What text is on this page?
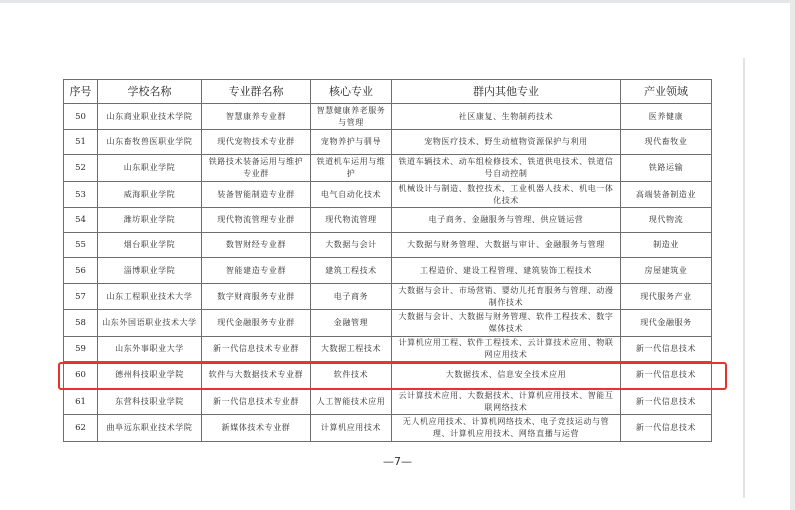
序号	学校名称	专业群名称	核心专业	群内其他专业	产业领域
50	山东商业职业技术学院	智慧康养专业群	智慧健康养老服务与管理	社区康复、生物制药技术	医养健康
51	山东畜牧兽医职业学院	现代宠物技术专业群	宠物养护与驯导	宠物医疗技术、野生动植物资源保护与利用	现代畜牧业
52	山东职业学院	铁路技术装备运用与维护专业群	铁道机车运用与维护	铁道车辆技术、动车组检修技术、铁道供电技术、铁道信号自动控制	铁路运输
53	威海职业学院	装备智能制造专业群	电气自动化技术	机械设计与制造、数控技术、工业机器人技术、机电一体化技术	高端装备制造业
54	潍坊职业学院	现代物流管理专业群	现代物流管理	电子商务、金融服务与管理、供应链运营	现代物流
55	烟台职业学院	数智财经专业群	大数据与会计	大数据与财务管理、大数据与审计、金融服务与管理	制造业
56	淄博职业学院	智能建造专业群	建筑工程技术	工程造价、建设工程管理、建筑装饰工程技术	房屋建筑业
57	山东工程职业技术大学	数字财商服务专业群	电子商务	大数据与会计、市场营销、婴幼儿托育服务与管理、动漫制作技术	现代服务产业
58	山东外国语职业技术大学	现代金融服务专业群	金融管理	大数据与会计、大数据与财务管理、软件工程技术、数字媒体技术	现代金融服务
59	山东外事职业大学	新一代信息技术专业群	大数据工程技术	计算机应用工程、软件工程技术、云计算技术应用、物联网应用技术	新一代信息技术
60	德州科技职业学院	软件与大数据技术专业群	软件技术	大数据技术、信息安全技术应用	新一代信息技术
61	东营科技职业学院	新一代信息技术专业群	人工智能技术应用	云计算技术应用、大数据技术、计算机应用技术、智能互联网络技术	新一代信息技术
62	曲阜远东职业技术学院	新媒体技术专业群	计算机应用技术	无人机应用技术、计算机网络技术、电子竞技运动与管理、计算机应用技术、网络直播与运营	新一代信息技术
—7—
